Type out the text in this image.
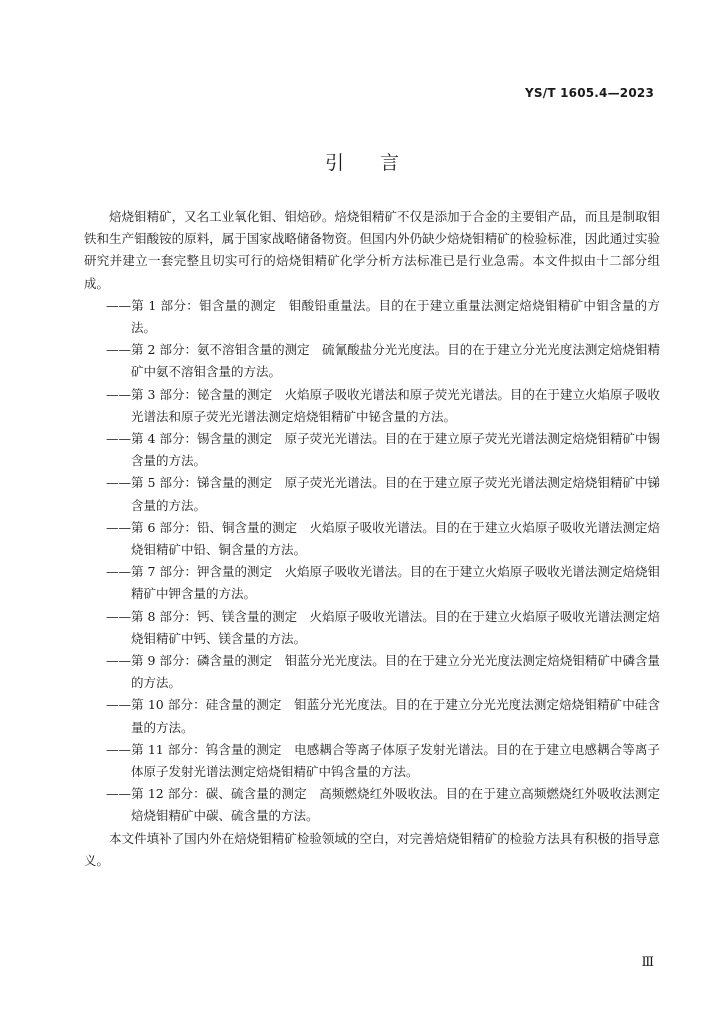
YS/T 1605.4—2023
引言

焙烧钼精矿，又名工业氧化钼、钼焙砂。焙烧钼精矿不仅是添加于合金的主要钼产品，而且是制取钼铁和生产钼酸铵的原料，属于国家战略储备物资。但国内外仍缺少焙烧钼精矿的检验标准，因此通过实验研究并建立一套完整且切实可行的焙烧钼精矿化学分析方法标准已是行业急需。本文件拟由十二部分组成。

——第 1 部分：钼含量的测定　钼酸铅重量法。目的在于建立重量法测定焙烧钼精矿中钼含量的方法。

——第 2 部分：氨不溶钼含量的测定　硫氰酸盐分光光度法。目的在于建立分光光度法测定焙烧钼精矿中氨不溶钼含量的方法。

——第 3 部分：铋含量的测定　火焰原子吸收光谱法和原子荧光光谱法。目的在于建立火焰原子吸收光谱法和原子荧光光谱法测定焙烧钼精矿中铋含量的方法。

——第 4 部分：锡含量的测定　原子荧光光谱法。目的在于建立原子荧光光谱法测定焙烧钼精矿中锡含量的方法。

——第 5 部分：锑含量的测定　原子荧光光谱法。目的在于建立原子荧光光谱法测定焙烧钼精矿中锑含量的方法。

——第 6 部分：铅、铜含量的测定　火焰原子吸收光谱法。目的在于建立火焰原子吸收光谱法测定焙烧钼精矿中铅、铜含量的方法。

——第 7 部分：钾含量的测定　火焰原子吸收光谱法。目的在于建立火焰原子吸收光谱法测定焙烧钼精矿中钾含量的方法。

——第 8 部分：钙、镁含量的测定　火焰原子吸收光谱法。目的在于建立火焰原子吸收光谱法测定焙烧钼精矿中钙、镁含量的方法。

——第 9 部分：磷含量的测定　钼蓝分光光度法。目的在于建立分光光度法测定焙烧钼精矿中磷含量的方法。

——第 10 部分：硅含量的测定　钼蓝分光光度法。目的在于建立分光光度法测定焙烧钼精矿中硅含量的方法。

——第 11 部分：钨含量的测定　电感耦合等离子体原子发射光谱法。目的在于建立电感耦合等离子体原子发射光谱法测定焙烧钼精矿中钨含量的方法。

——第 12 部分：碳、硫含量的测定　高频燃烧红外吸收法。目的在于建立高频燃烧红外吸收法测定焙烧钼精矿中碳、硫含量的方法。

本文件填补了国内外在焙烧钼精矿检验领域的空白，对完善焙烧钼精矿的检验方法具有积极的指导意义。

Ⅲ
